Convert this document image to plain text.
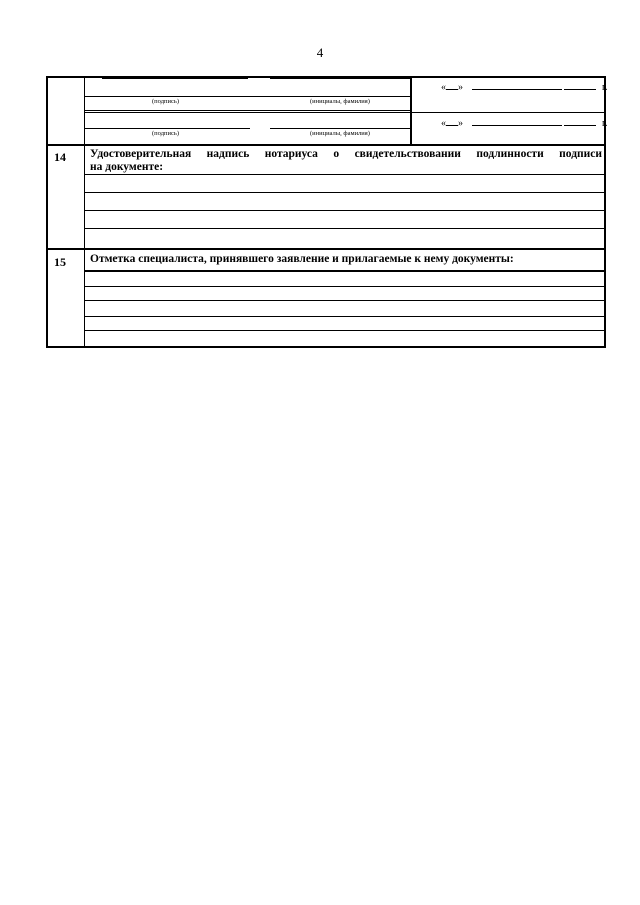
4
(подпись)	(инициалы, фамилия)
« »	г.
(подпись)	(инициалы, фамилия)
« »	г.
14 Удостоверительная надпись нотариуса о свидетельствовании подлинности подписи
на документе:
15 Отметка специалиста, принявшего заявление и прилагаемые к нему документы:
